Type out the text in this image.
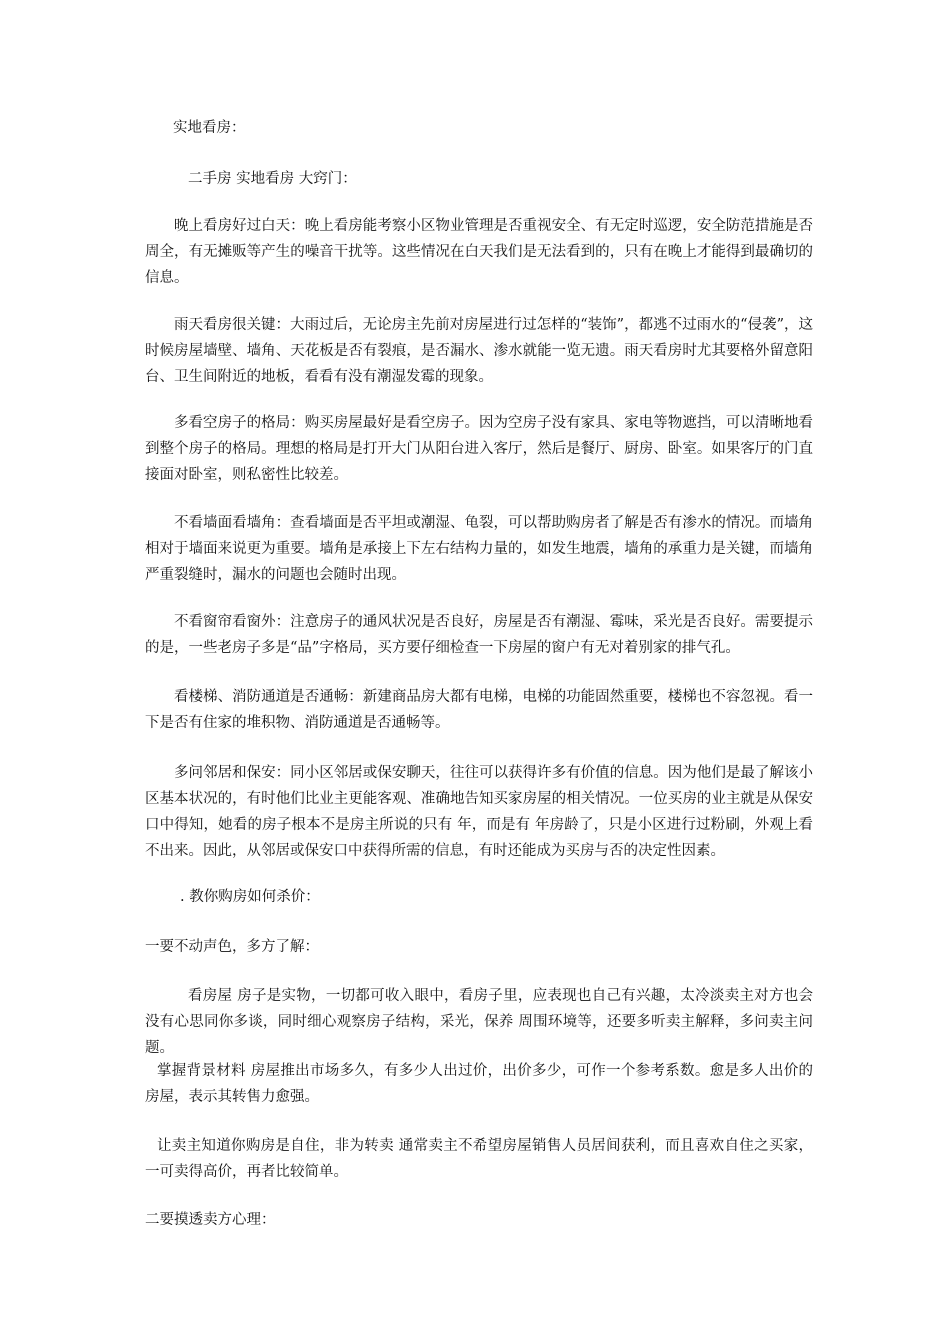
实地看房：

二手房 实地看房 大窍门：

晚上看房好过白天：晚上看房能考察小区物业管理是否重视安全、有无定时巡逻，安全防范措施是否周全，有无摊贩等产生的噪音干扰等。这些情况在白天我们是无法看到的，只有在晚上才能得到最确切的信息。

雨天看房很关键：大雨过后，无论房主先前对房屋进行过怎样的“装饰”，都逃不过雨水的“侵袭”，这时候房屋墙壁、墙角、天花板是否有裂痕，是否漏水、渗水就能一览无遗。雨天看房时尤其要格外留意阳台、卫生间附近的地板，看看有没有潮湿发霉的现象。

多看空房子的格局：购买房屋最好是看空房子。因为空房子没有家具、家电等物遮挡，可以清晰地看到整个房子的格局。理想的格局是打开大门从阳台进入客厅，然后是餐厅、厨房、卧室。如果客厅的门直接面对卧室，则私密性比较差。

不看墙面看墙角：查看墙面是否平坦或潮湿、龟裂，可以帮助购房者了解是否有渗水的情况。而墙角相对于墙面来说更为重要。墙角是承接上下左右结构力量的，如发生地震，墙角的承重力是关键，而墙角严重裂缝时，漏水的问题也会随时出现。

不看窗帘看窗外：注意房子的通风状况是否良好，房屋是否有潮湿、霉味，采光是否良好。需要提示的是，一些老房子多是“品”字格局，买方要仔细检查一下房屋的窗户有无对着别家的排气孔。

看楼梯、消防通道是否通畅：新建商品房大都有电梯，电梯的功能固然重要，楼梯也不容忽视。看一下是否有住家的堆积物、消防通道是否通畅等。

多问邻居和保安：同小区邻居或保安聊天，往往可以获得许多有价值的信息。因为他们是最了解该小区基本状况的，有时他们比业主更能客观、准确地告知买家房屋的相关情况。一位买房的业主就是从保安口中得知，她看的房子根本不是房主所说的只有 年，而是有 年房龄了，只是小区进行过粉刷，外观上看不出来。因此，从邻居或保安口中获得所需的信息，有时还能成为买房与否的决定性因素。

. 教你购房如何杀价：

一要不动声色，多方了解：

看房屋 房子是实物，一切都可收入眼中，看房子里，应表现也自己有兴趣，太冷淡卖主对方也会没有心思同你多谈，同时细心观察房子结构，采光，保养 周围环境等，还要多听卖主解释，多问卖主问题。

掌握背景材料 房屋推出市场多久，有多少人出过价，出价多少，可作一个参考系数。愈是多人出价的房屋，表示其转售力愈强。

让卖主知道你购房是自住，非为转卖 通常卖主不希望房屋销售人员居间获利，而且喜欢自住之买家， 一可卖得高价，再者比较简单。

二要摸透卖方心理：
